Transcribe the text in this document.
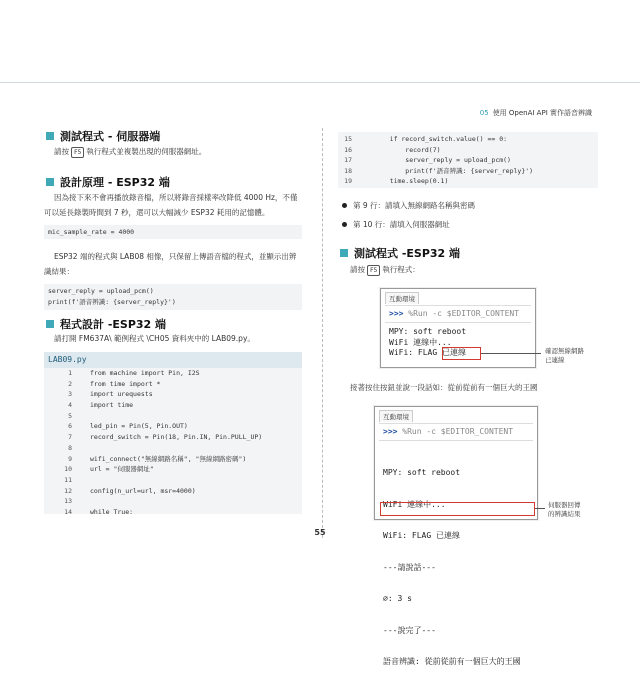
05 使用 OpenAI API 實作語音辨識
測試程式 - 伺服器端
請按 F5 執行程式並複製出現的伺服器網址。
設計原理 - ESP32 端
因為接下來不會再播放錄音檔，所以將錄音採樣率改降低 4000 Hz，不僅
可以延長錄製時間到 7 秒，還可以大幅減少 ESP32 耗用的記憶體。
mic_sample_rate = 4000
ESP32 端的程式與 LAB08 相像，只保留上傳語音檔的程式，並顯示出辨
識結果：
server_reply = upload_pcm()
print(f'語音辨識: {server_reply}')
程式設計 -ESP32 端
請打開 FM637A\ 範例程式 \CH05 資料夾中的 LAB09.py。
LAB09.py
1	from machine import Pin, I2S
2	from time import *
3	import urequests
4	import time
5
6	led_pin = Pin(5, Pin.OUT)
7	record_switch = Pin(18, Pin.IN, Pin.PULL_UP)
8
9	wifi_connect("無線網路名稱", "無線網路密碼")
10	url = "伺服器網址"
11
12	config(n_url=url, msr=4000)
13
14	while True:
15	if record_switch.value() == 0:
16	record(7)
17	server_reply = upload_pcm()
18	print(f'語音辨識: {server_reply}')
19	time.sleep(0.1)
第 9 行：請填入無線網路名稱與密碼
第 10 行：請填入伺服器網址
測試程式 -ESP32 端
請按 F5 執行程式：
互動環境
>>> %Run -c $EDITOR_CONTENT
MPY: soft reboot
WiFi 連線中...
WiFi: FLAG 已連線	確認無線網路
已連線
接著按住按鈕並說一段話如：從前從前有一個巨大的王國
互動環境
>>> %Run -c $EDITOR_CONTENT

MPY: soft reboot

WiFi 連線中...

WiFi: FLAG 已連線

---請說話---

⌀: 3 s

---說完了---

語音辨識: 從前從前有一個巨大的王國

伺服器回傳
的辨識結果
55
